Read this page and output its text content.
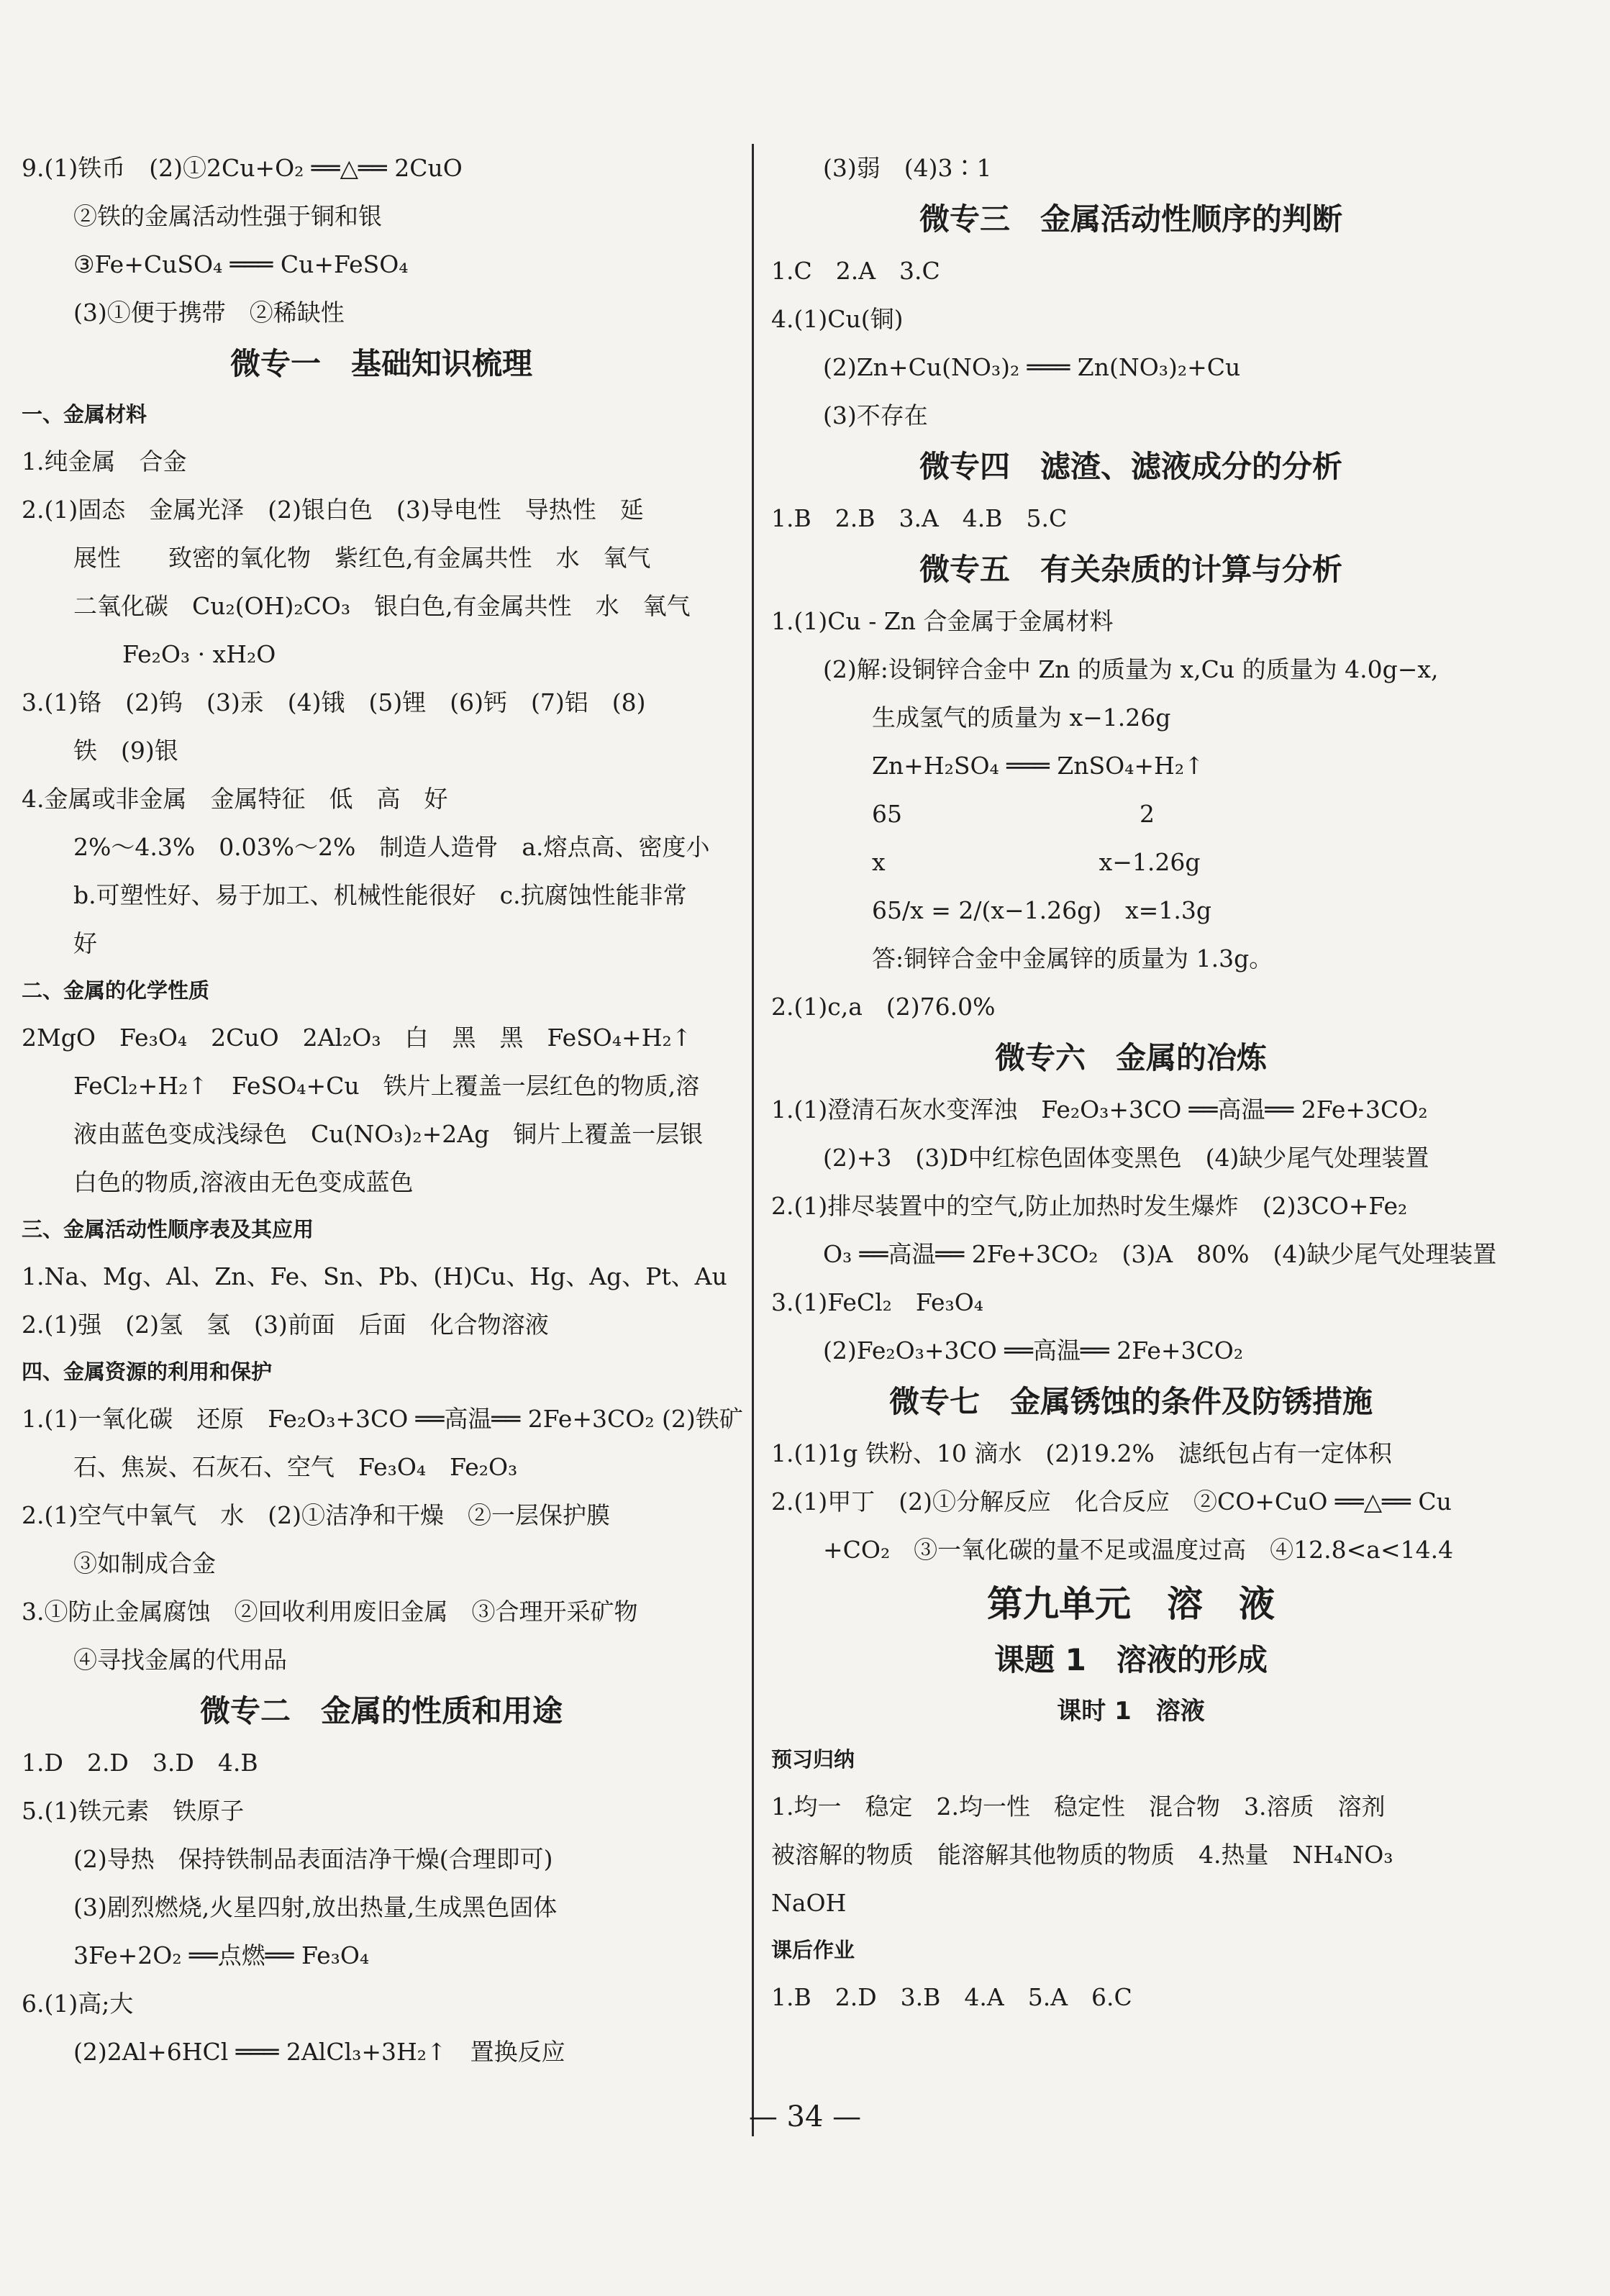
9.(1)铁币　(2)①2Cu+O₂ ══△══ 2CuO
②铁的金属活动性强于铜和银
③Fe+CuSO₄ ═══ Cu+FeSO₄
(3)①便于携带　②稀缺性
微专一　基础知识梳理
一、金属材料
1.纯金属　合金
2.(1)固态　金属光泽　(2)银白色　(3)导电性　导热性　延
展性　　致密的氧化物　紫红色,有金属共性　水　氧气
二氧化碳　Cu₂(OH)₂CO₃　银白色,有金属共性　水　氧气
Fe₂O₃ · xH₂O
3.(1)铬　(2)钨　(3)汞　(4)锇　(5)锂　(6)钙　(7)铝　(8)
铁　(9)银
4.金属或非金属　金属特征　低　高　好
2%～4.3%　0.03%～2%　制造人造骨　a.熔点高、密度小
b.可塑性好、易于加工、机械性能很好　c.抗腐蚀性能非常
好
二、金属的化学性质
2MgO　Fe₃O₄　2CuO　2Al₂O₃　白　黑　黑　FeSO₄+H₂↑
FeCl₂+H₂↑　FeSO₄+Cu　铁片上覆盖一层红色的物质,溶
液由蓝色变成浅绿色　Cu(NO₃)₂+2Ag　铜片上覆盖一层银
白色的物质,溶液由无色变成蓝色
三、金属活动性顺序表及其应用
1.Na、Mg、Al、Zn、Fe、Sn、Pb、(H)Cu、Hg、Ag、Pt、Au
2.(1)强　(2)氢　氢　(3)前面　后面　化合物溶液
四、金属资源的利用和保护
1.(1)一氧化碳　还原　Fe₂O₃+3CO ══高温══ 2Fe+3CO₂ (2)铁矿
石、焦炭、石灰石、空气　Fe₃O₄　Fe₂O₃
2.(1)空气中氧气　水　(2)①洁净和干燥　②一层保护膜
③如制成合金
3.①防止金属腐蚀　②回收利用废旧金属　③合理开采矿物
④寻找金属的代用品
微专二　金属的性质和用途
1.D　2.D　3.D　4.B
5.(1)铁元素　铁原子
(2)导热　保持铁制品表面洁净干燥(合理即可)
(3)剧烈燃烧,火星四射,放出热量,生成黑色固体
3Fe+2O₂ ══点燃══ Fe₃O₄
6.(1)高;大
(2)2Al+6HCl ═══ 2AlCl₃+3H₂↑　置换反应
(3)弱　(4)3∶1
微专三　金属活动性顺序的判断
1.C　2.A　3.C
4.(1)Cu(铜)
(2)Zn+Cu(NO₃)₂ ═══ Zn(NO₃)₂+Cu
(3)不存在
微专四　滤渣、滤液成分的分析
1.B　2.B　3.A　4.B　5.C
微专五　有关杂质的计算与分析
1.(1)Cu - Zn 合金属于金属材料
(2)解:设铜锌合金中 Zn 的质量为 x,Cu 的质量为 4.0g−x,
生成氢气的质量为 x−1.26g
Zn+H₂SO₄ ═══ ZnSO₄+H₂↑
65　　　　　　　　　　2
x　　　　　　　　　x−1.26g
65/x = 2/(x−1.26g)　x=1.3g
答:铜锌合金中金属锌的质量为 1.3g。
2.(1)c,a　(2)76.0%
微专六　金属的冶炼
1.(1)澄清石灰水变浑浊　Fe₂O₃+3CO ══高温══ 2Fe+3CO₂
(2)+3　(3)D中红棕色固体变黑色　(4)缺少尾气处理装置
2.(1)排尽装置中的空气,防止加热时发生爆炸　(2)3CO+Fe₂
O₃ ══高温══ 2Fe+3CO₂　(3)A　80%　(4)缺少尾气处理装置
3.(1)FeCl₂　Fe₃O₄
(2)Fe₂O₃+3CO ══高温══ 2Fe+3CO₂
微专七　金属锈蚀的条件及防锈措施
1.(1)1g 铁粉、10 滴水　(2)19.2%　滤纸包占有一定体积
2.(1)甲丁　(2)①分解反应　化合反应　②CO+CuO ══△══ Cu
+CO₂　③一氧化碳的量不足或温度过高　④12.8<a<14.4
第九单元　溶　液
课题 1　溶液的形成
课时 1　溶液
预习归纳
1.均一　稳定　2.均一性　稳定性　混合物　3.溶质　溶剂
被溶解的物质　能溶解其他物质的物质　4.热量　NH₄NO₃
NaOH
课后作业
1.B　2.D　3.B　4.A　5.A　6.C
— 34 —
